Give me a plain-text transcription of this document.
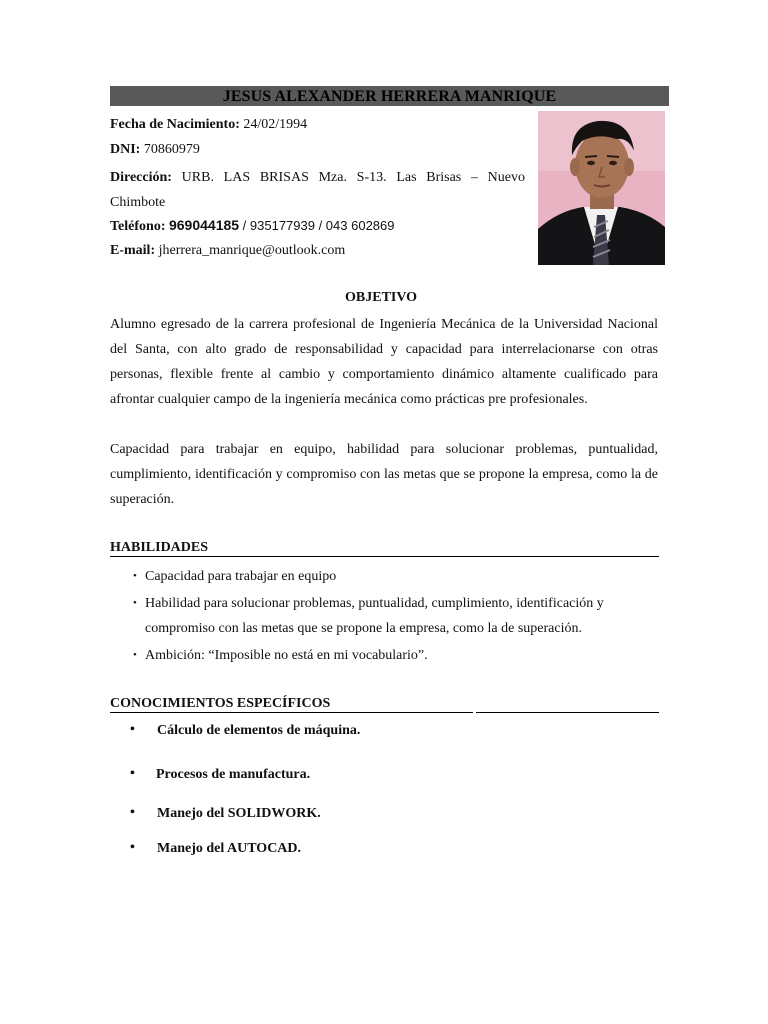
JESUS ALEXANDER HERRERA MANRIQUE
Fecha de Nacimiento: 24/02/1994
DNI: 70860979
Dirección: URB. LAS BRISAS Mza. S-13. Las Brisas – Nuevo Chimbote
Teléfono: 969044185 / 935177939 / 043 602869
E-mail: jherrera_manrique@outlook.com
OBJETIVO
Alumno egresado de la carrera profesional de Ingeniería Mecánica de la Universidad Nacional del Santa, con alto grado de responsabilidad y capacidad para interrelacionarse con otras personas, flexible frente al cambio y comportamiento dinámico altamente cualificado para afrontar cualquier campo de la ingeniería mecánica como prácticas pre profesionales.
Capacidad para trabajar en equipo, habilidad para solucionar problemas, puntualidad, cumplimiento, identificación y compromiso con las metas que se propone la empresa, como la de superación.
HABILIDADES
• Capacidad para trabajar en equipo
• Habilidad para solucionar problemas, puntualidad, cumplimiento, identificación y compromiso con las metas que se propone la empresa, como la de superación.
• Ambición: “Imposible no está en mi vocabulario”.
CONOCIMIENTOS ESPECÍFICOS
• Cálculo de elementos de máquina.
• Procesos de manufactura.
• Manejo del SOLIDWORK.
• Manejo del AUTOCAD.
